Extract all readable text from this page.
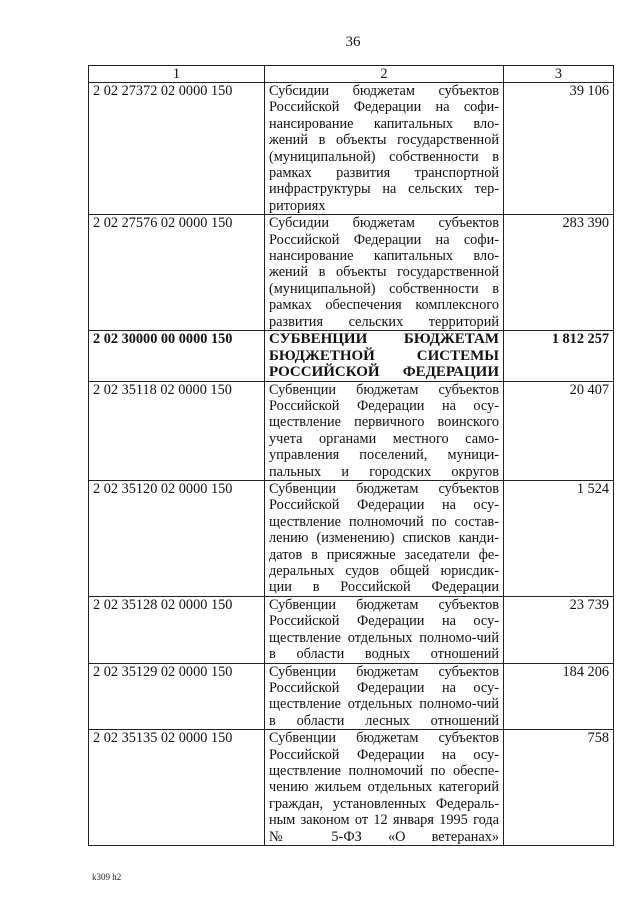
36
1	2	3
2 02 27372 02 0000 150	Субсидии бюджетам субъектов Российской Федерации на софи-нансирование капитальных вло-жений в объекты государственной (муниципальной) собственности в рамках развития транспортной инфраструктуры на сельских тер-риториях	39 106
2 02 27576 02 0000 150	Субсидии бюджетам субъектов Российской Федерации на софи-нансирование капитальных вло-жений в объекты государственной (муниципальной) собственности в рамках обеспечения комплексного развития сельских территорий	283 390
2 02 30000 00 0000 150	СУБВЕНЦИИ БЮДЖЕТАМ БЮДЖЕТНОЙ СИСТЕМЫ РОССИЙСКОЙ ФЕДЕРАЦИИ	1 812 257
2 02 35118 02 0000 150	Субвенции бюджетам субъектов Российской Федерации на осу-ществление первичного воинского учета органами местного само-управления поселений, муници-пальных и городских округов	20 407
2 02 35120 02 0000 150	Субвенции бюджетам субъектов Российской Федерации на осу-ществление полномочий по состав-лению (изменению) списков канди-датов в присяжные заседатели фе-деральных судов общей юрисдик-ции в Российской Федерации	1 524
2 02 35128 02 0000 150	Субвенции бюджетам субъектов Российской Федерации на осу-ществление отдельных полномо-чий в области водных отношений	23 739
2 02 35129 02 0000 150	Субвенции бюджетам субъектов Российской Федерации на осу-ществление отдельных полномо-чий в области лесных отношений	184 206
2 02 35135 02 0000 150	Субвенции бюджетам субъектов Российской Федерации на осу-ществление полномочий по обеспе-чению жильем отдельных категорий граждан, установленных Федераль-ным законом от 12 января 1995 года № 5-ФЗ «О ветеранах»	758
k309 h2
